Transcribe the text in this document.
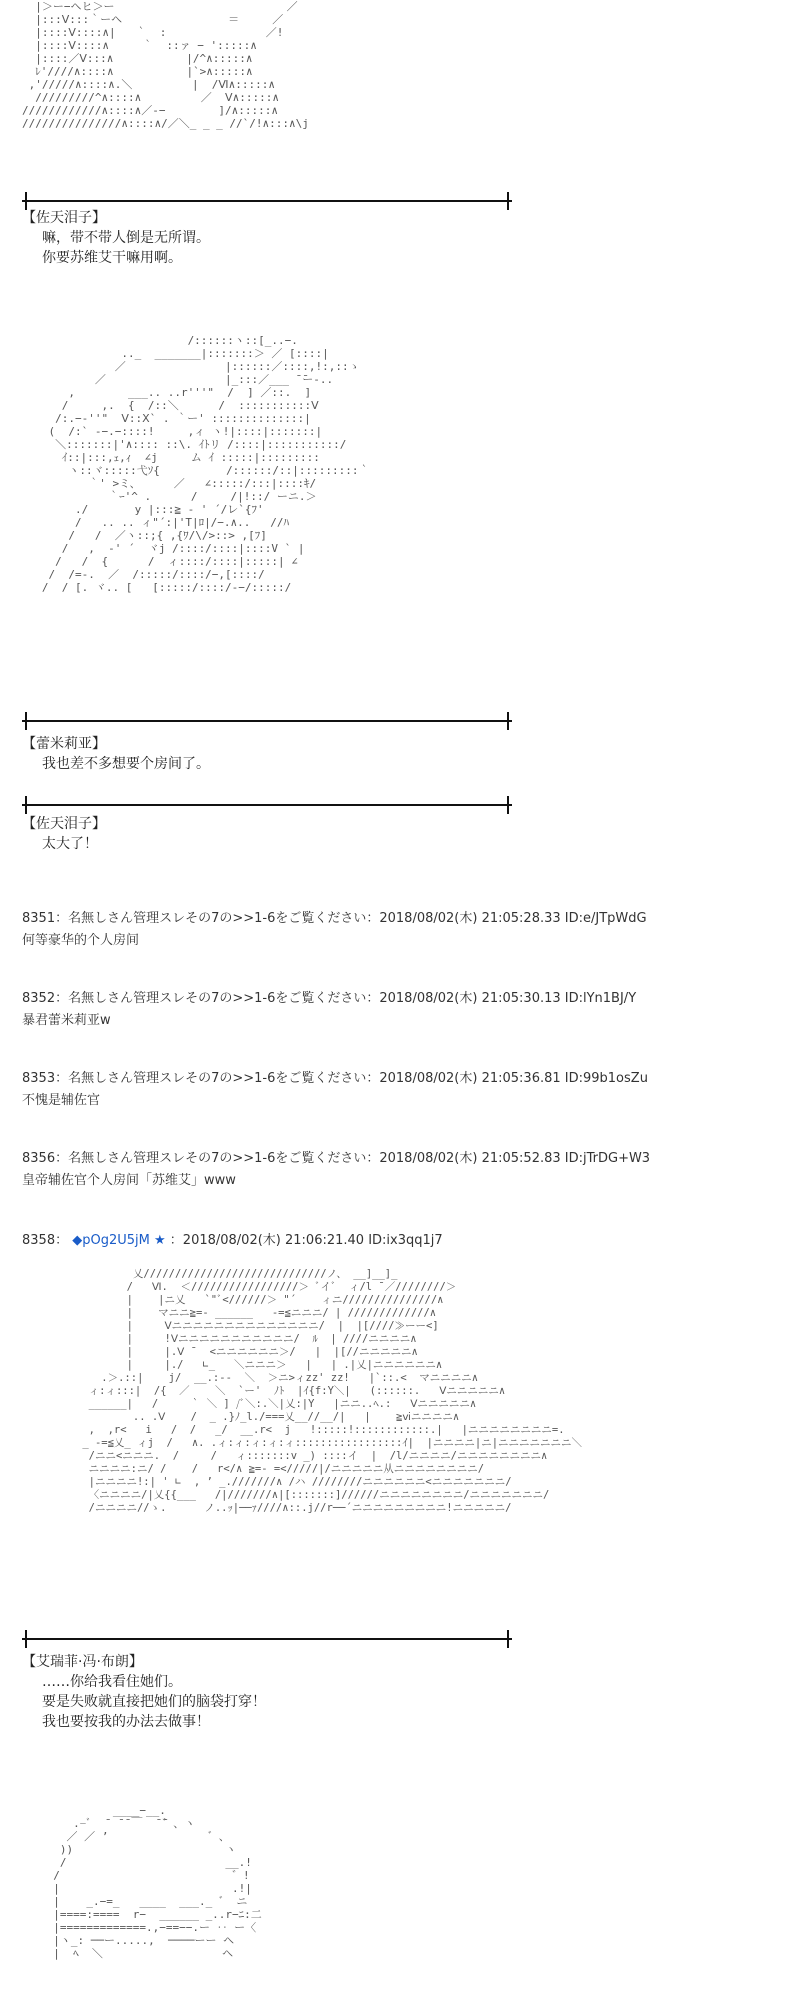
|＞ー−ヘヒ＞ー                          ／
|:::Ⅴ:::｀ーヘ                ＝     ／
|::::Ⅴ::::∧|   ｀  :               ／!
|::::Ⅴ::::∧     ｀  ::ァ − ':::::∧
|::::／Ⅴ:::∧           |/^∧:::::∧
ﾚ'////∧::::∧           |`>∧:::::∧
,'/////∧::::∧.＼         |  /Ⅵ∧:::::∧
/////////^∧::::∧         ／  Ⅴ∧:::::∧
////////////∧::::∧／‐−        ]/∧:::::∧
///////////////∧::::∧/／＼_ _ _ //`/!∧:::∧\j
【佐天泪子】
嘛，带不带人倒是无所谓。
你要苏维艾干嘛用啊。
/::::::ヽ::[_..−.
.._  _______|:::::::＞ ／ [::::|
／               |::::::／::::,!:,::ゝ
／                  |_:::／___ ̄ ̄ー‐..
,        ___.. ..r'''"  /  ] ／::.  ]
/     ,.  {  /::＼      /  :::::::::::Ⅴ
/:.−‐''"  Ⅴ::Ⅹ` . ｀ー' ::::::::::::::|
(  /:` ‐−.−::::!     ,ィ ヽ!|::::|:::::::|
＼:::::::|'∧:::: ::\. ｲﾄリ /::::|:::::::::::/
ｲ::|:::,ｪ,ｨ  ∠j     ム ｲ :::::|:::::::::
ヽ::ヾ:::::弋ｿ{          /::::::/::|:::::::::｀
｀' >ミ、     ／   ∠:::::/:::|::::ｷ/
｀ｰ'^ .      /     /|!::/ ーニ.＞
./       y |:::≧ ‐ ' ´/レ`{ﾌ'
/   .. .. ィ"´:|'T|ﾛ|/−.∧..   //ﾊ
/   /  ／ヽ::;{ ,{ﾜ/\/>::> ,[ﾌ]
/   ,  -' ´  ヾj /::::/::::|::::V ` |
/   /  {      /  ィ::::/::::|:::::| ∠
/  /=‐.  ／  /:::::/::::/−,[::::/
/  / [. ヾ.. [   [:::::/::::/-−/:::::/
【蕾米莉亚】
我也差不多想要个房间了。
【佐天泪子】
太大了！
8351：名無しさん管理スレその7の>>1-6をご覧ください：2018/08/02(木) 21:05:28.33 ID:e/JTpWdG
何等豪华的个人房间
8352：名無しさん管理スレその7の>>1-6をご覧ください：2018/08/02(木) 21:05:30.13 ID:lYn1BJ/Y
暴君蕾米莉亚w
8353：名無しさん管理スレその7の>>1-6をご覧ください：2018/08/02(木) 21:05:36.81 ID:99b1osZu
不愧是辅佐官
8356：名無しさん管理スレその7の>>1-6をご覧ください：2018/08/02(木) 21:05:52.83 ID:jTrDG+W3
皇帝辅佐官个人房间「苏维艾」www
8358： ◆pOg2U5jM ★ ：2018/08/02(木) 21:06:21.40 ID:ix3qq1j7
乂/////////////////////////////ノ、 __]__]_
/   Ⅵ.  ＜/////////////////＞ ﾞイﾞ  ィ/l ̄ ／////////＞
|    |ニ乂   `"ﾞ<//////＞ "´    ィニ///////////////∧
|    マニニ≧=- ______   -=≦ニニニ/ | /////////////∧
|     Ⅴニニニニニニニニニニニニニニ/  |  |[////≫ーー<]
|     !Ⅴニニニニニニニニニニニ/  ﾙ  | ////ニニニニ∧
|     |.Ⅴ ̄   <ニニニニニニ＞/   |  |[//ニニニニニ∧
|     |./   ∟_   ＼ニニニ＞   |   | .|乂|ニニニニニニ∧
.＞.::|    j/  __.:--  ＼  ＞ニ>ィzz' zz!   |`::.<  マニニニニ∧
ィ:ィ:::|  /{  ／    ＼  `ー'  ﾉﾄ  |ｲ{f:Y＼|   (::::::.   Ⅴニニニニニ∧
______|   /     ｀ ＼ ] /ﾞ＼:.＼|乂:|Y   |ニニ..ﾍ.:   Ⅴニニニニニ∧
.. .Ⅴ    /  _ .}ﾉ_l./===乂__//__/|   |    ≧ⅵニニニニ∧
,  ,r<   i   /  /   _/  __.r<  j   !:::::!::::::::::::.|   |ニニニニニニニニ=.
_ -=≦乂_ ィj  /   ∧. .ィ:ィ:ィ:ィ:ィ:::::::::::::::::ｲ|  |ニニニニ|ニ|ニニニニニニニ＼
/ニニ<ニニニ.  /     /   ィ:::::::v _) ::::イ  |  /l/ニニニニ/ニニニニニニニニ∧
ニニニニ:ニ/ /    /   r</∧ ≧=‐ =</////|/ニニニニニ从ニニニニニニニニ/
|ニニニニ!:| ' ∟  , ’ _.///////∧ /ハ ////////ニニニニニニ<ニニニニニニニ/
〈ニニニニ/|乂{{___   /|///////∧|[:::::::]//////ニニニニニニニニ/ニニニニニニニ/
/ニニニニ//ゝ.      ノ..ｯ|──ｧ////∧::.j//r──´ニニニニニニニニニ!ニニニニニ/
【艾瑞菲·冯·布朗】
……你给我看住她们。
要是失败就直接把她们的脑袋打穿！
我也要按我的办法去做事！
____−__.
.−ﾞ  ̄  ̄ ̄ ￣  ̄ ̄゛、ヽ
／ ／ ’               ゛、
))                       ヽ
/                        __.!
/                          ゛!
|                          .!|
|    _.−=_   ____  ___._ ゛ ニ
|====:====  r−  ______ _..r−ﾆ:二
|=============.,−==−−.ー ‥ ー〈
|ヽ_: ──ー.....,  ────ーー ヘ
|  ﾍ  ＼                  ヘ
